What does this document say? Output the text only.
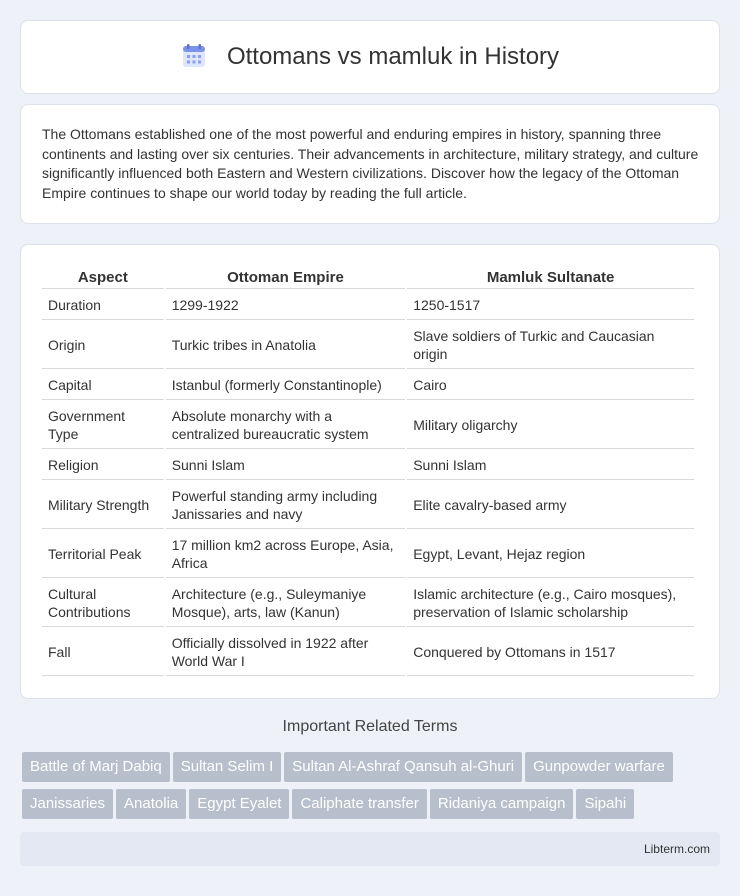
Ottomans vs mamluk in History

The Ottomans established one of the most powerful and enduring empires in history, spanning three continents and lasting over six centuries. Their advancements in architecture, military strategy, and culture significantly influenced both Eastern and Western civilizations. Discover how the legacy of the Ottoman Empire continues to shape our world today by reading the full article.

Aspect	Ottoman Empire	Mamluk Sultanate
Duration	1299-1922	1250-1517
Origin	Turkic tribes in Anatolia	Slave soldiers of Turkic and Caucasian origin
Capital	Istanbul (formerly Constantinople)	Cairo
Government Type	Absolute monarchy with a centralized bureaucratic system	Military oligarchy
Religion	Sunni Islam	Sunni Islam
Military Strength	Powerful standing army including Janissaries and navy	Elite cavalry-based army
Territorial Peak	17 million km2 across Europe, Asia, Africa	Egypt, Levant, Hejaz region
Cultural Contributions	Architecture (e.g., Suleymaniye Mosque), arts, law (Kanun)	Islamic architecture (e.g., Cairo mosques), preservation of Islamic scholarship
Fall	Officially dissolved in 1922 after World War I	Conquered by Ottomans in 1517
Important Related Terms
Battle of Marj Dabiq Sultan Selim I Sultan Al-Ashraf Qansuh al-Ghuri Gunpowder warfare
Janissaries Anatolia Egypt Eyalet Caliphate transfer Ridaniya campaign Sipahi
Libterm.com
